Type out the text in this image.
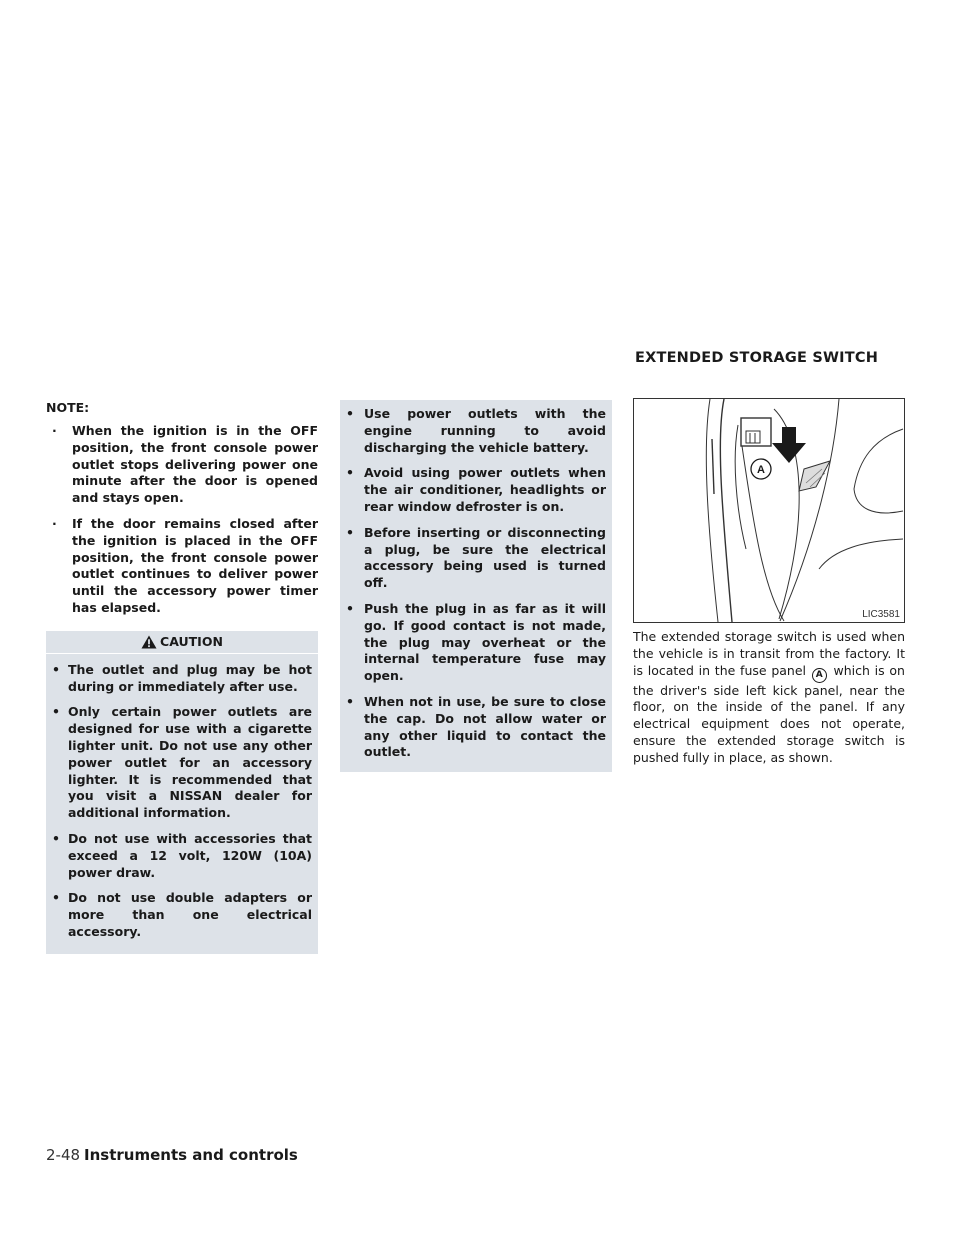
NOTE:
· When the ignition is in the OFF position, the front console power outlet stops delivering power one minute after the door is opened and stays open.
· If the door remains closed after the ignition is placed in the OFF position, the front console power outlet continues to deliver power until the accessory power timer has elapsed.
CAUTION
• The outlet and plug may be hot during or immediately after use.
• Only certain power outlets are designed for use with a cigarette lighter unit. Do not use any other power outlet for an accessory lighter. It is recommended that you visit a NISSAN dealer for additional information.
• Do not use with accessories that exceed a 12 volt, 120W (10A) power draw.
• Do not use double adapters or more than one electrical accessory.
• Use power outlets with the engine running to avoid discharging the vehicle battery.
• Avoid using power outlets when the air conditioner, headlights or rear window defroster is on.
• Before inserting or disconnecting a plug, be sure the electrical accessory being used is turned off.
• Push the plug in as far as it will go. If good contact is not made, the plug may overheat or the internal temperature fuse may open.
• When not in use, be sure to close the cap. Do not allow water or any other liquid to contact the outlet.
EXTENDED STORAGE SWITCH
A
LIC3581
The extended storage switch is used when the vehicle is in transit from the factory. It is located in the fuse panel A which is on the driver's side left kick panel, near the floor, on the inside of the panel. If any electrical equipment does not operate, ensure the extended storage switch is pushed fully in place, as shown.
2-48 Instruments and controls
